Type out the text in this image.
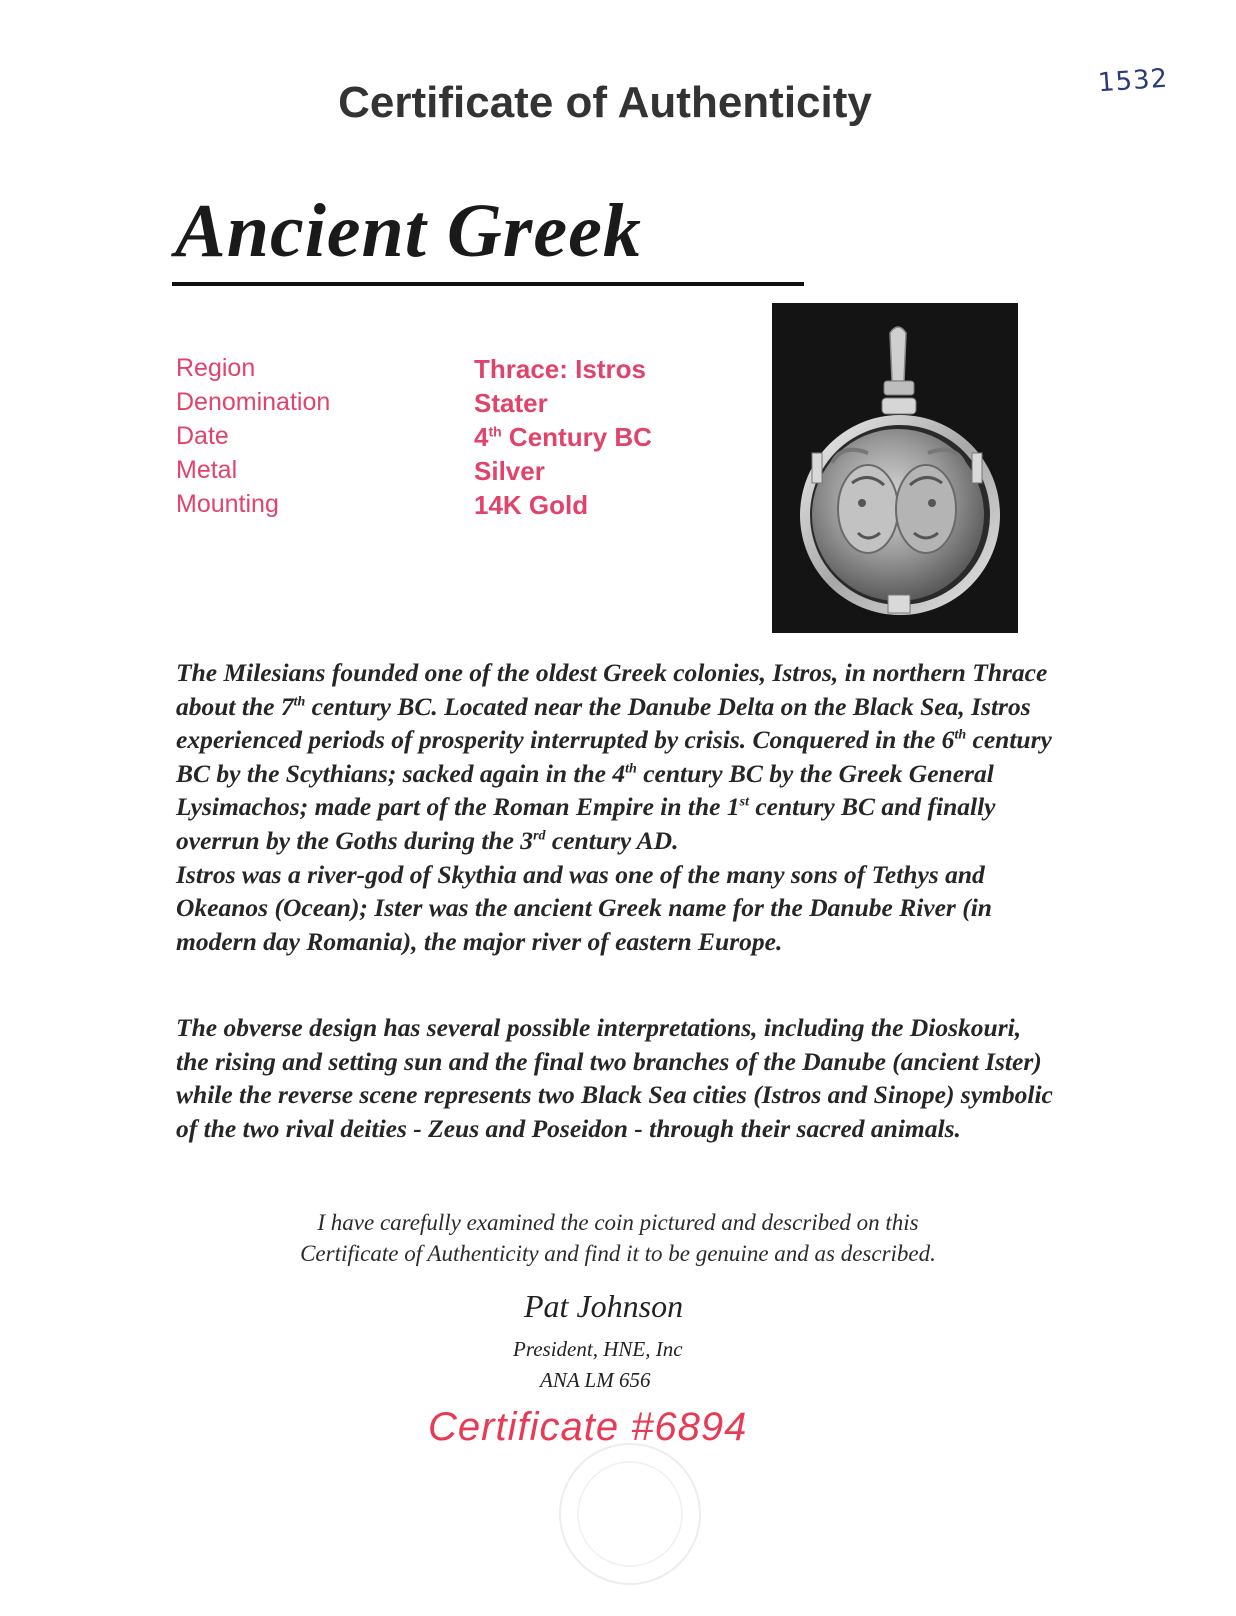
1532
Certificate of Authenticity
Ancient Greek
Region	Thrace: Istros
Denomination	Stater
Date	4th Century BC
Metal	Silver
Mounting	14K Gold

The Milesians founded one of the oldest Greek colonies, Istros, in northern Thrace about the 7th century BC. Located near the Danube Delta on the Black Sea, Istros experienced periods of prosperity interrupted by crisis. Conquered in the 6th century BC by the Scythians; sacked again in the 4th century BC by the Greek General Lysimachos; made part of the Roman Empire in the 1st century BC and finally overrun by the Goths during the 3rd century AD.
Istros was a river-god of Skythia and was one of the many sons of Tethys and Okeanos (Ocean); Ister was the ancient Greek name for the Danube River (in modern day Romania), the major river of eastern Europe.

The obverse design has several possible interpretations, including the Dioskouri, the rising and setting sun and the final two branches of the Danube (ancient Ister) while the reverse scene represents two Black Sea cities (Istros and Sinope) symbolic of the two rival deities - Zeus and Poseidon - through their sacred animals.

I have carefully examined the coin pictured and described on this
Certificate of Authenticity and find it to be genuine and as described.

Pat Johnson
President, HNE, Inc
ANA LM 656
Certificate #6894
